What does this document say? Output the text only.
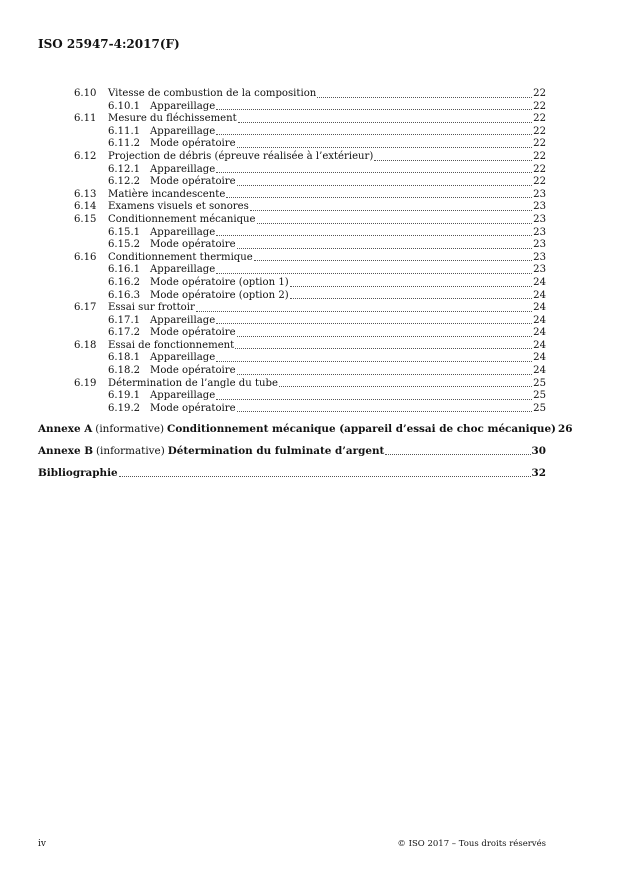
ISO 25947-4:2017(F)
6.10	Vitesse de combustion de la composition	22
6.10.1 Appareillage	22
6.11	Mesure du fléchissement	22
6.11.1 Appareillage	22
6.11.2 Mode opératoire	22
6.12	Projection de débris (épreuve réalisée à l’extérieur)	22
6.12.1 Appareillage	22
6.12.2 Mode opératoire	22
6.13	Matière incandescente	23
6.14	Examens visuels et sonores	23
6.15	Conditionnement mécanique	23
6.15.1 Appareillage	23
6.15.2 Mode opératoire	23
6.16	Conditionnement thermique	23
6.16.1 Appareillage	23
6.16.2 Mode opératoire (option 1)	24
6.16.3 Mode opératoire (option 2)	24
6.17	Essai sur frottoir	24
6.17.1 Appareillage	24
6.17.2 Mode opératoire	24
6.18	Essai de fonctionnement	24
6.18.1 Appareillage	24
6.18.2 Mode opératoire	24
6.19	Détermination de l’angle du tube	25
6.19.1 Appareillage	25
6.19.2 Mode opératoire	25
Annexe A (informative) Conditionnement mécanique (appareil d’essai de choc mécanique) 26
Annexe B (informative) Détermination du fulminate d’argent	30
Bibliographie	32
iv	© ISO 2017 – Tous droits réservés
